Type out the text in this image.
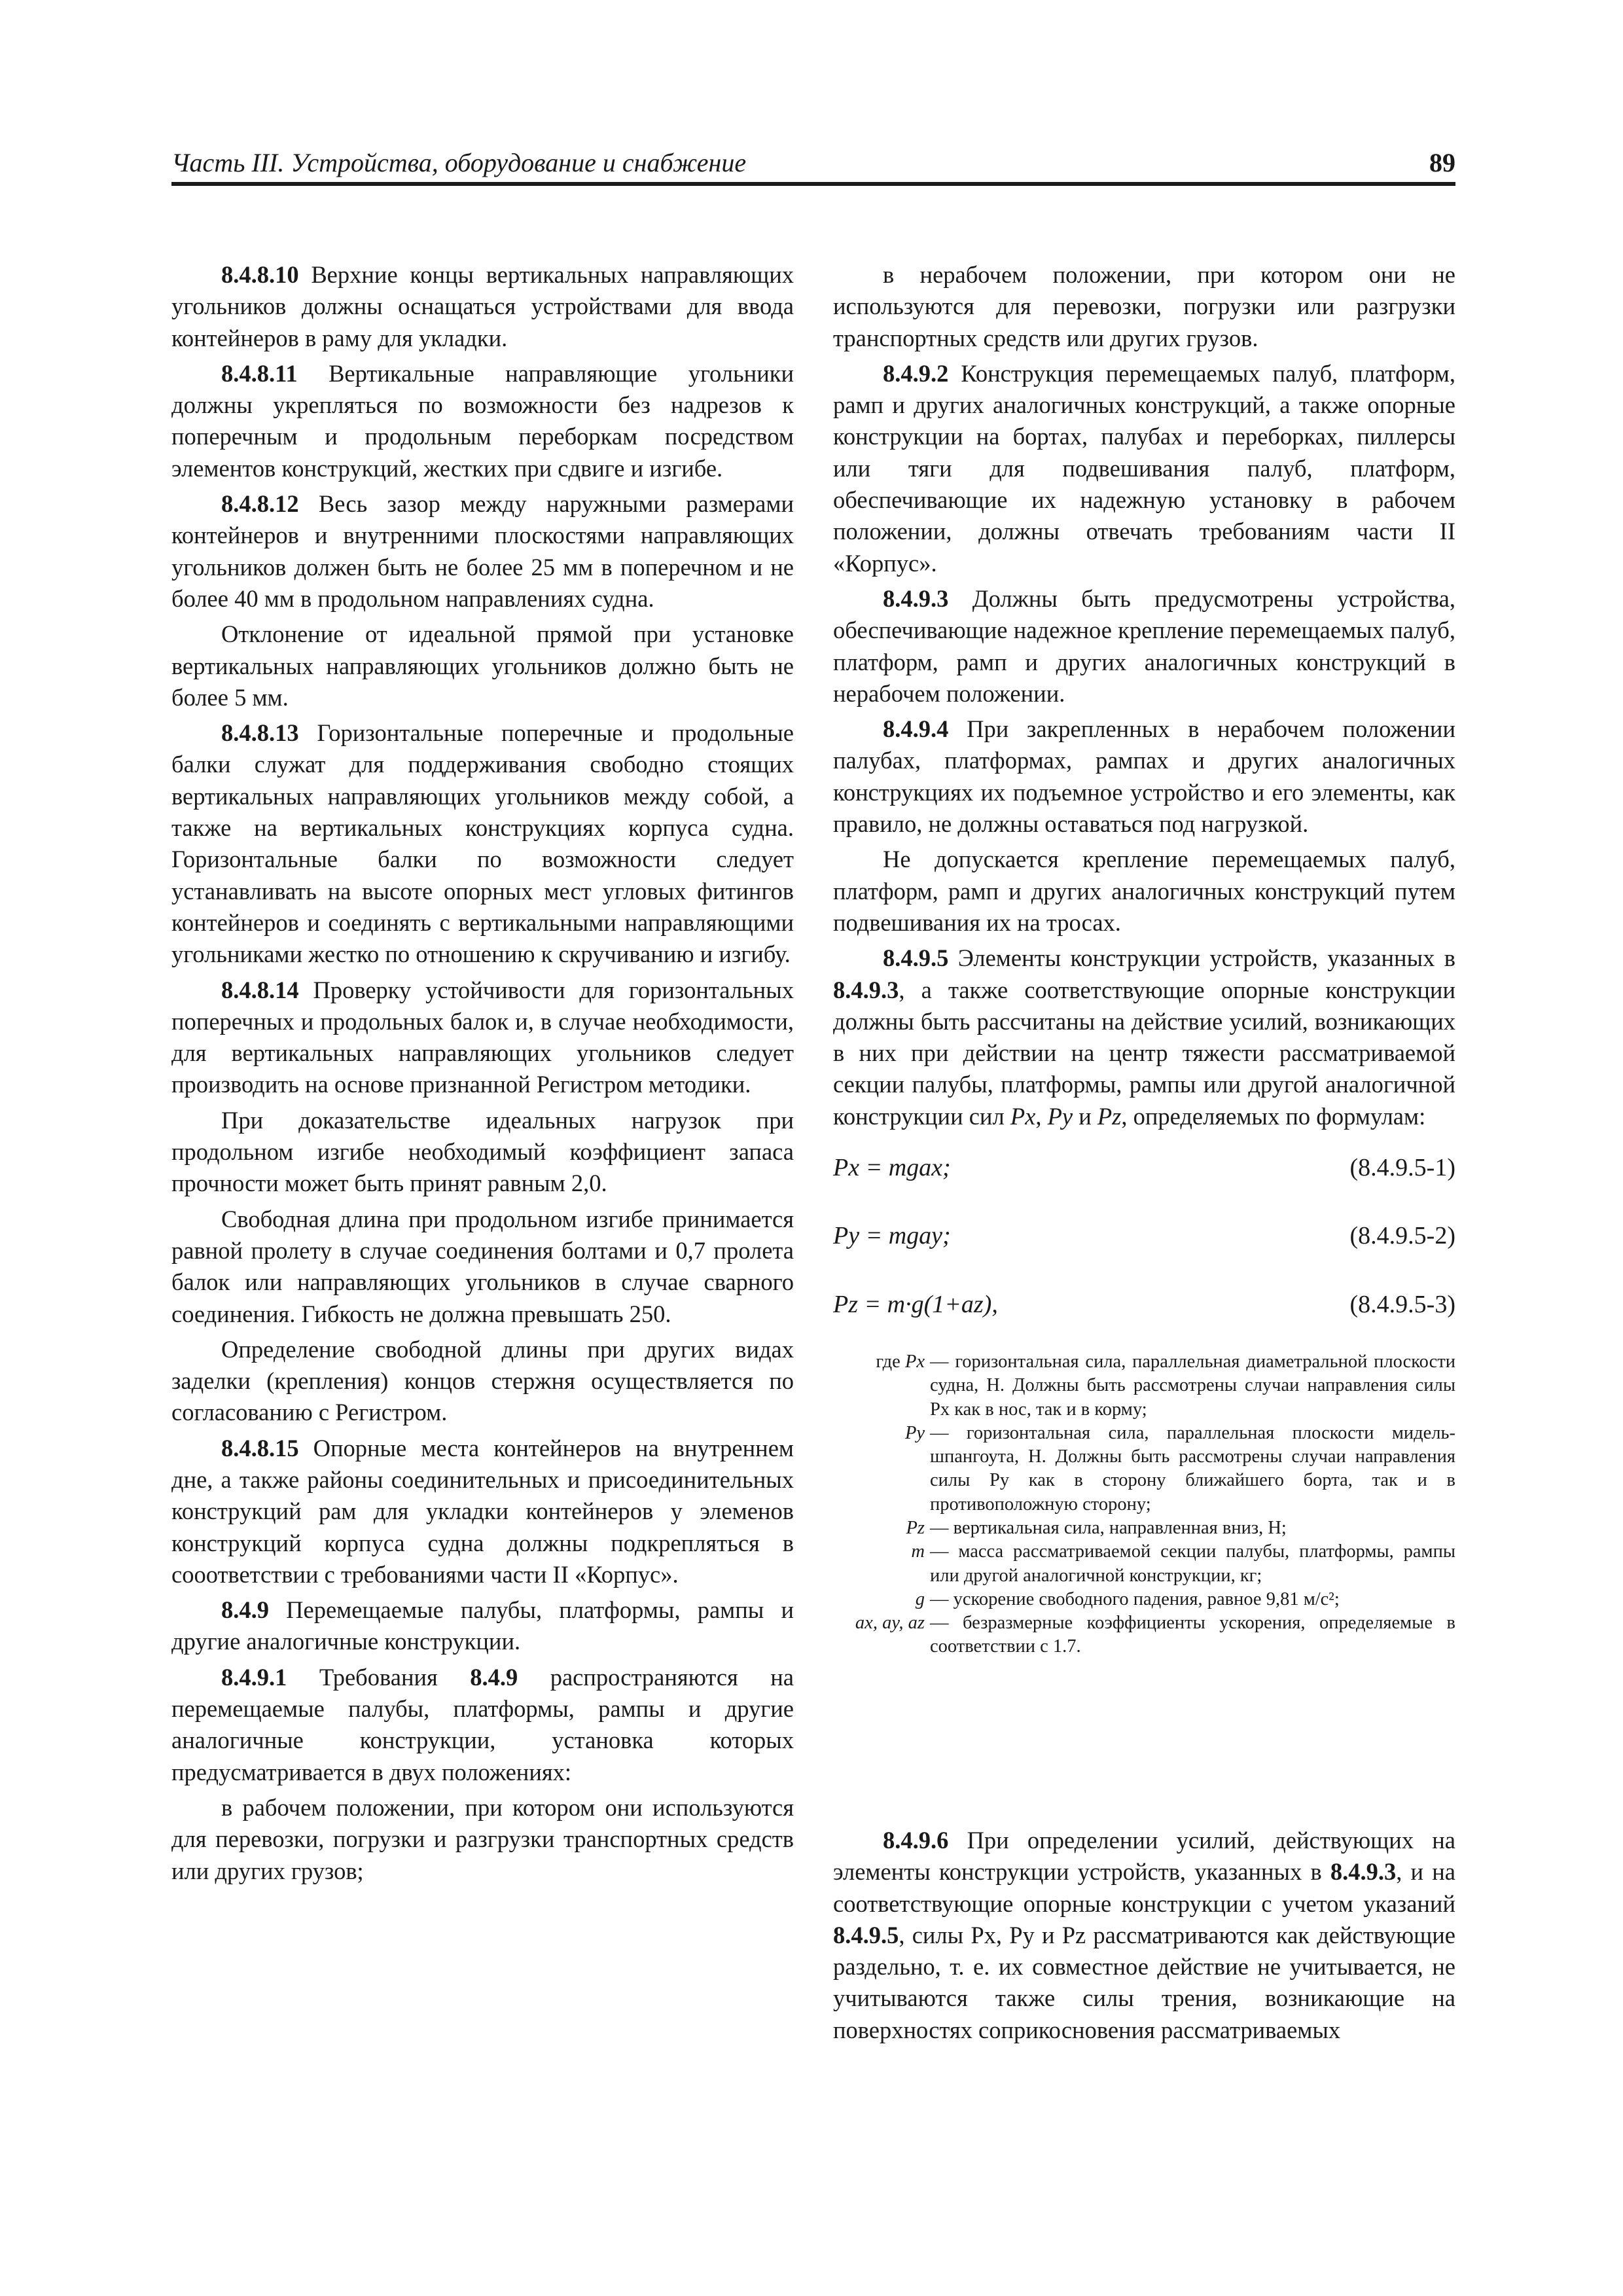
Часть III. Устройства, оборудование и снабжение	89

8.4.8.10 Верхние концы вертикальных направляющих угольников должны оснащаться устройствами для ввода контейнеров в раму для укладки.

8.4.8.11 Вертикальные направляющие угольники должны укрепляться по возможности без надрезов к поперечным и продольным переборкам посредством элементов конструкций, жестких при сдвиге и изгибе.

8.4.8.12 Весь зазор между наружными размерами контейнеров и внутренними плоскостями направляющих угольников должен быть не более 25 мм в поперечном и не более 40 мм в продольном направлениях судна.

Отклонение от идеальной прямой при установке вертикальных направляющих угольников должно быть не более 5 мм.

8.4.8.13 Горизонтальные поперечные и продольные балки служат для поддерживания свободно стоящих вертикальных направляющих угольников между собой, а также на вертикальных конструкциях корпуса судна. Горизонтальные балки по возможности следует устанавливать на высоте опорных мест угловых фитингов контейнеров и соединять с вертикальными направляющими угольниками жестко по отношению к скручиванию и изгибу.

8.4.8.14 Проверку устойчивости для горизонтальных поперечных и продольных балок и, в случае необходимости, для вертикальных направляющих угольников следует производить на основе признанной Регистром методики.

При доказательстве идеальных нагрузок при продольном изгибе необходимый коэффициент запаса прочности может быть принят равным 2,0.

Свободная длина при продольном изгибе принимается равной пролету в случае соединения болтами и 0,7 пролета балок или направляющих угольников в случае сварного соединения. Гибкость не должна превышать 250.

Определение свободной длины при других видах заделки (крепления) концов стержня осуществляется по согласованию с Регистром.

8.4.8.15 Опорные места контейнеров на внутреннем дне, а также районы соединительных и присоединительных конструкций рам для укладки контейнеров у элеменов конструкций корпуса судна должны подкрепляться в сооответствии с требованиями части II «Корпус».

8.4.9 Перемещаемые палубы, платформы, рампы и другие аналогичные конструкции.

8.4.9.1 Требования 8.4.9 распространяются на перемещаемые палубы, платформы, рампы и другие аналогичные конструкции, установка которых предусматривается в двух положениях:

в рабочем положении, при котором они используются для перевозки, погрузки и разгрузки транспортных средств или других грузов;

в нерабочем положении, при котором они не используются для перевозки, погрузки или разгрузки транспортных средств или других грузов.

8.4.9.2 Конструкция перемещаемых палуб, платформ, рамп и других аналогичных конструкций, а также опорные конструкции на бортах, палубах и переборках, пиллерсы или тяги для подвешивания палуб, платформ, обеспечивающие их надежную установку в рабочем положении, должны отвечать требованиям части II «Корпус».

8.4.9.3 Должны быть предусмотрены устройства, обеспечивающие надежное крепление перемещаемых палуб, платформ, рамп и других аналогичных конструкций в нерабочем положении.

8.4.9.4 При закрепленных в нерабочем положении палубах, платформах, рампах и других аналогичных конструкциях их подъемное устройство и его элементы, как правило, не должны оставаться под нагрузкой.

Не допускается крепление перемещаемых палуб, платформ, рамп и других аналогичных конструкций путем подвешивания их на тросах.

8.4.9.5 Элементы конструкции устройств, указанных в 8.4.9.3, а также соответствующие опорные конструкции должны быть рассчитаны на действие усилий, возникающих в них при действии на центр тяжести рассматриваемой секции палубы, платформы, рампы или другой аналогичной конструкции сил Px, Py и Pz, определяемых по формулам:

Px = mgax;	(8.4.9.5-1)
Py = mgay;	(8.4.9.5-2)
Pz = m·g(1+az),	(8.4.9.5-3)
где Px — горизонтальная сила, параллельная диаметральной плоскости судна, Н. Должны быть рассмотрены случаи направления силы Px как в нос, так и в корму;
Py — горизонтальная сила, параллельная плоскости мидель-шпангоута, Н. Должны быть рассмотрены случаи направления силы Py как в сторону ближайшего борта, так и в противоположную сторону;
Pz — вертикальная сила, направленная вниз, Н;
m — масса рассматриваемой секции палубы, платформы, рампы или другой аналогичной конструкции, кг;
g — ускорение свободного падения, равное 9,81 м/с²;
ax, ay, az — безразмерные коэффициенты ускорения, определяемые в соответствии с 1.7.

8.4.9.6 При определении усилий, действующих на элементы конструкции устройств, указанных в 8.4.9.3, и на соответствующие опорные конструкции с учетом указаний 8.4.9.5, силы Px, Py и Pz рассматриваются как действующие раздельно, т. е. их совместное действие не учитывается, не учитываются также силы трения, возникающие на поверхностях соприкосновения рассматриваемых
